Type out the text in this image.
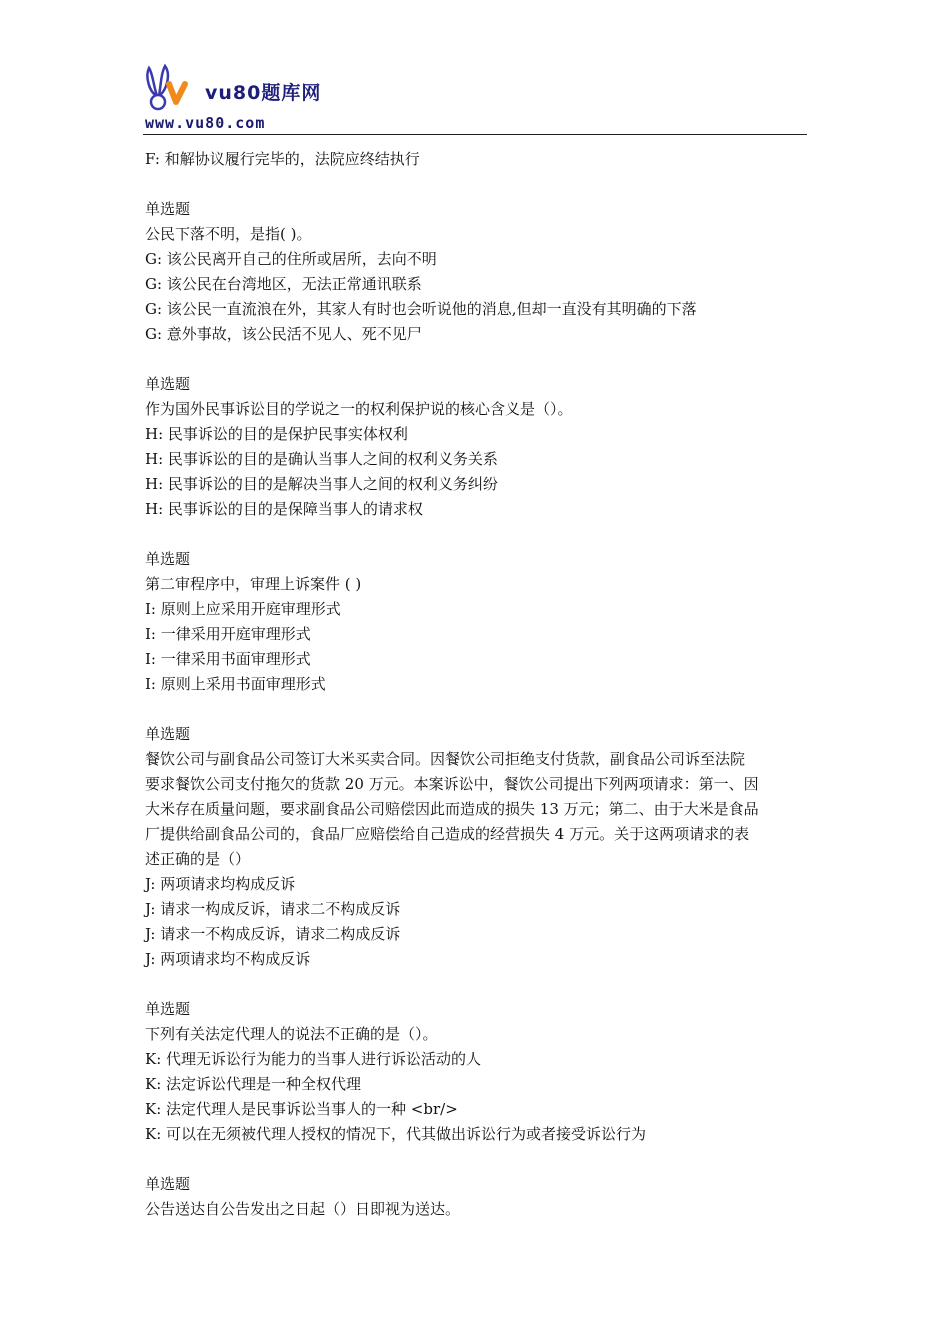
vu80题库网
www.vu80.com
F: 和解协议履行完毕的，法院应终结执行
单选题
公民下落不明，是指( )。
G: 该公民离开自己的住所或居所，去向不明
G: 该公民在台湾地区，无法正常通讯联系
G: 该公民一直流浪在外，其家人有时也会听说他的消息,但却一直没有其明确的下落
G: 意外事故，该公民活不见人、死不见尸
单选题
作为国外民事诉讼目的学说之一的权利保护说的核心含义是（）。
H: 民事诉讼的目的是保护民事实体权利
H: 民事诉讼的目的是确认当事人之间的权利义务关系
H: 民事诉讼的目的是解决当事人之间的权利义务纠纷
H: 民事诉讼的目的是保障当事人的请求权
单选题
第二审程序中，审理上诉案件 ( )
I: 原则上应采用开庭审理形式
I: 一律采用开庭审理形式
I: 一律采用书面审理形式
I: 原则上采用书面审理形式
单选题
餐饮公司与副食品公司签订大米买卖合同。因餐饮公司拒绝支付货款，副食品公司诉至法院
要求餐饮公司支付拖欠的货款 20 万元。本案诉讼中，餐饮公司提出下列两项请求：第一、因
大米存在质量问题，要求副食品公司赔偿因此而造成的损失 13 万元；第二、由于大米是食品
厂提供给副食品公司的，食品厂应赔偿给自己造成的经营损失 4 万元。关于这两项请求的表
述正确的是（）
J: 两项请求均构成反诉
J: 请求一构成反诉，请求二不构成反诉
J: 请求一不构成反诉，请求二构成反诉
J: 两项请求均不构成反诉
单选题
下列有关法定代理人的说法不正确的是（）。
K: 代理无诉讼行为能力的当事人进行诉讼活动的人
K: 法定诉讼代理是一种全权代理
K: 法定代理人是民事诉讼当事人的一种 <br/>
K: 可以在无须被代理人授权的情况下，代其做出诉讼行为或者接受诉讼行为
单选题
公告送达自公告发出之日起（）日即视为送达。
